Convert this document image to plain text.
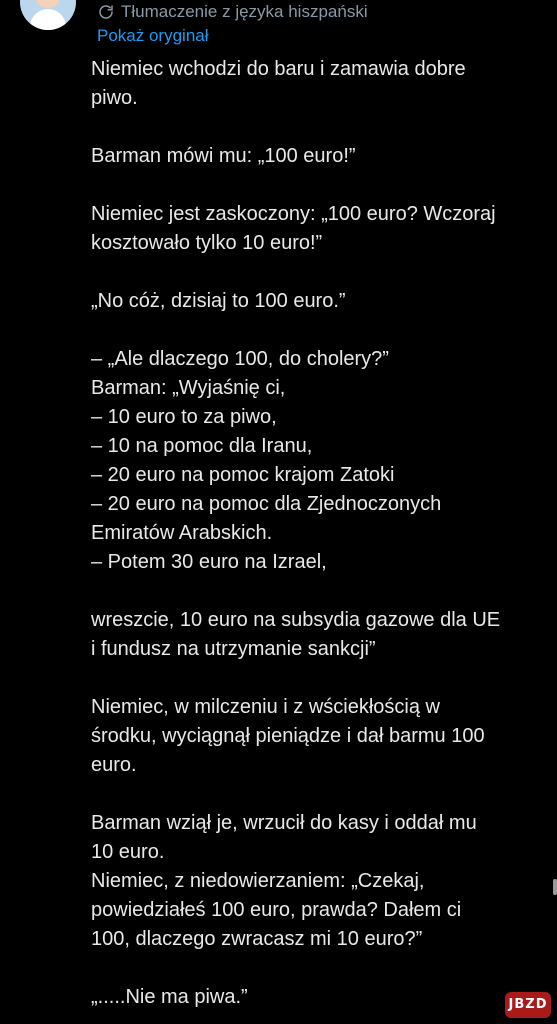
Tłumaczenie z języka hiszpański
Pokaż oryginał

Niemiec wchodzi do baru i zamawia dobre
piwo.

Barman mówi mu: „100 euro!”

Niemiec jest zaskoczony: „100 euro? Wczoraj
kosztowało tylko 10 euro!”

„No cóż, dzisiaj to 100 euro.”

– „Ale dlaczego 100, do cholery?”
Barman: „Wyjaśnię ci,
– 10 euro to za piwo,
– 10 na pomoc dla Iranu,
– 20 euro na pomoc krajom Zatoki
– 20 euro na pomoc dla Zjednoczonych
Emiratów Arabskich.
– Potem 30 euro na Izrael,

wreszcie, 10 euro na subsydia gazowe dla UE
i fundusz na utrzymanie sankcji”

Niemiec, w milczeniu i z wściekłością w
środku, wyciągnął pieniądze i dał barmu 100
euro.

Barman wziął je, wrzucił do kasy i oddał mu
10 euro.
Niemiec, z niedowierzaniem: „Czekaj,
powiedziałeś 100 euro, prawda? Dałem ci
100, dlaczego zwracasz mi 10 euro?”

„.....Nie ma piwa.”	JBZD
